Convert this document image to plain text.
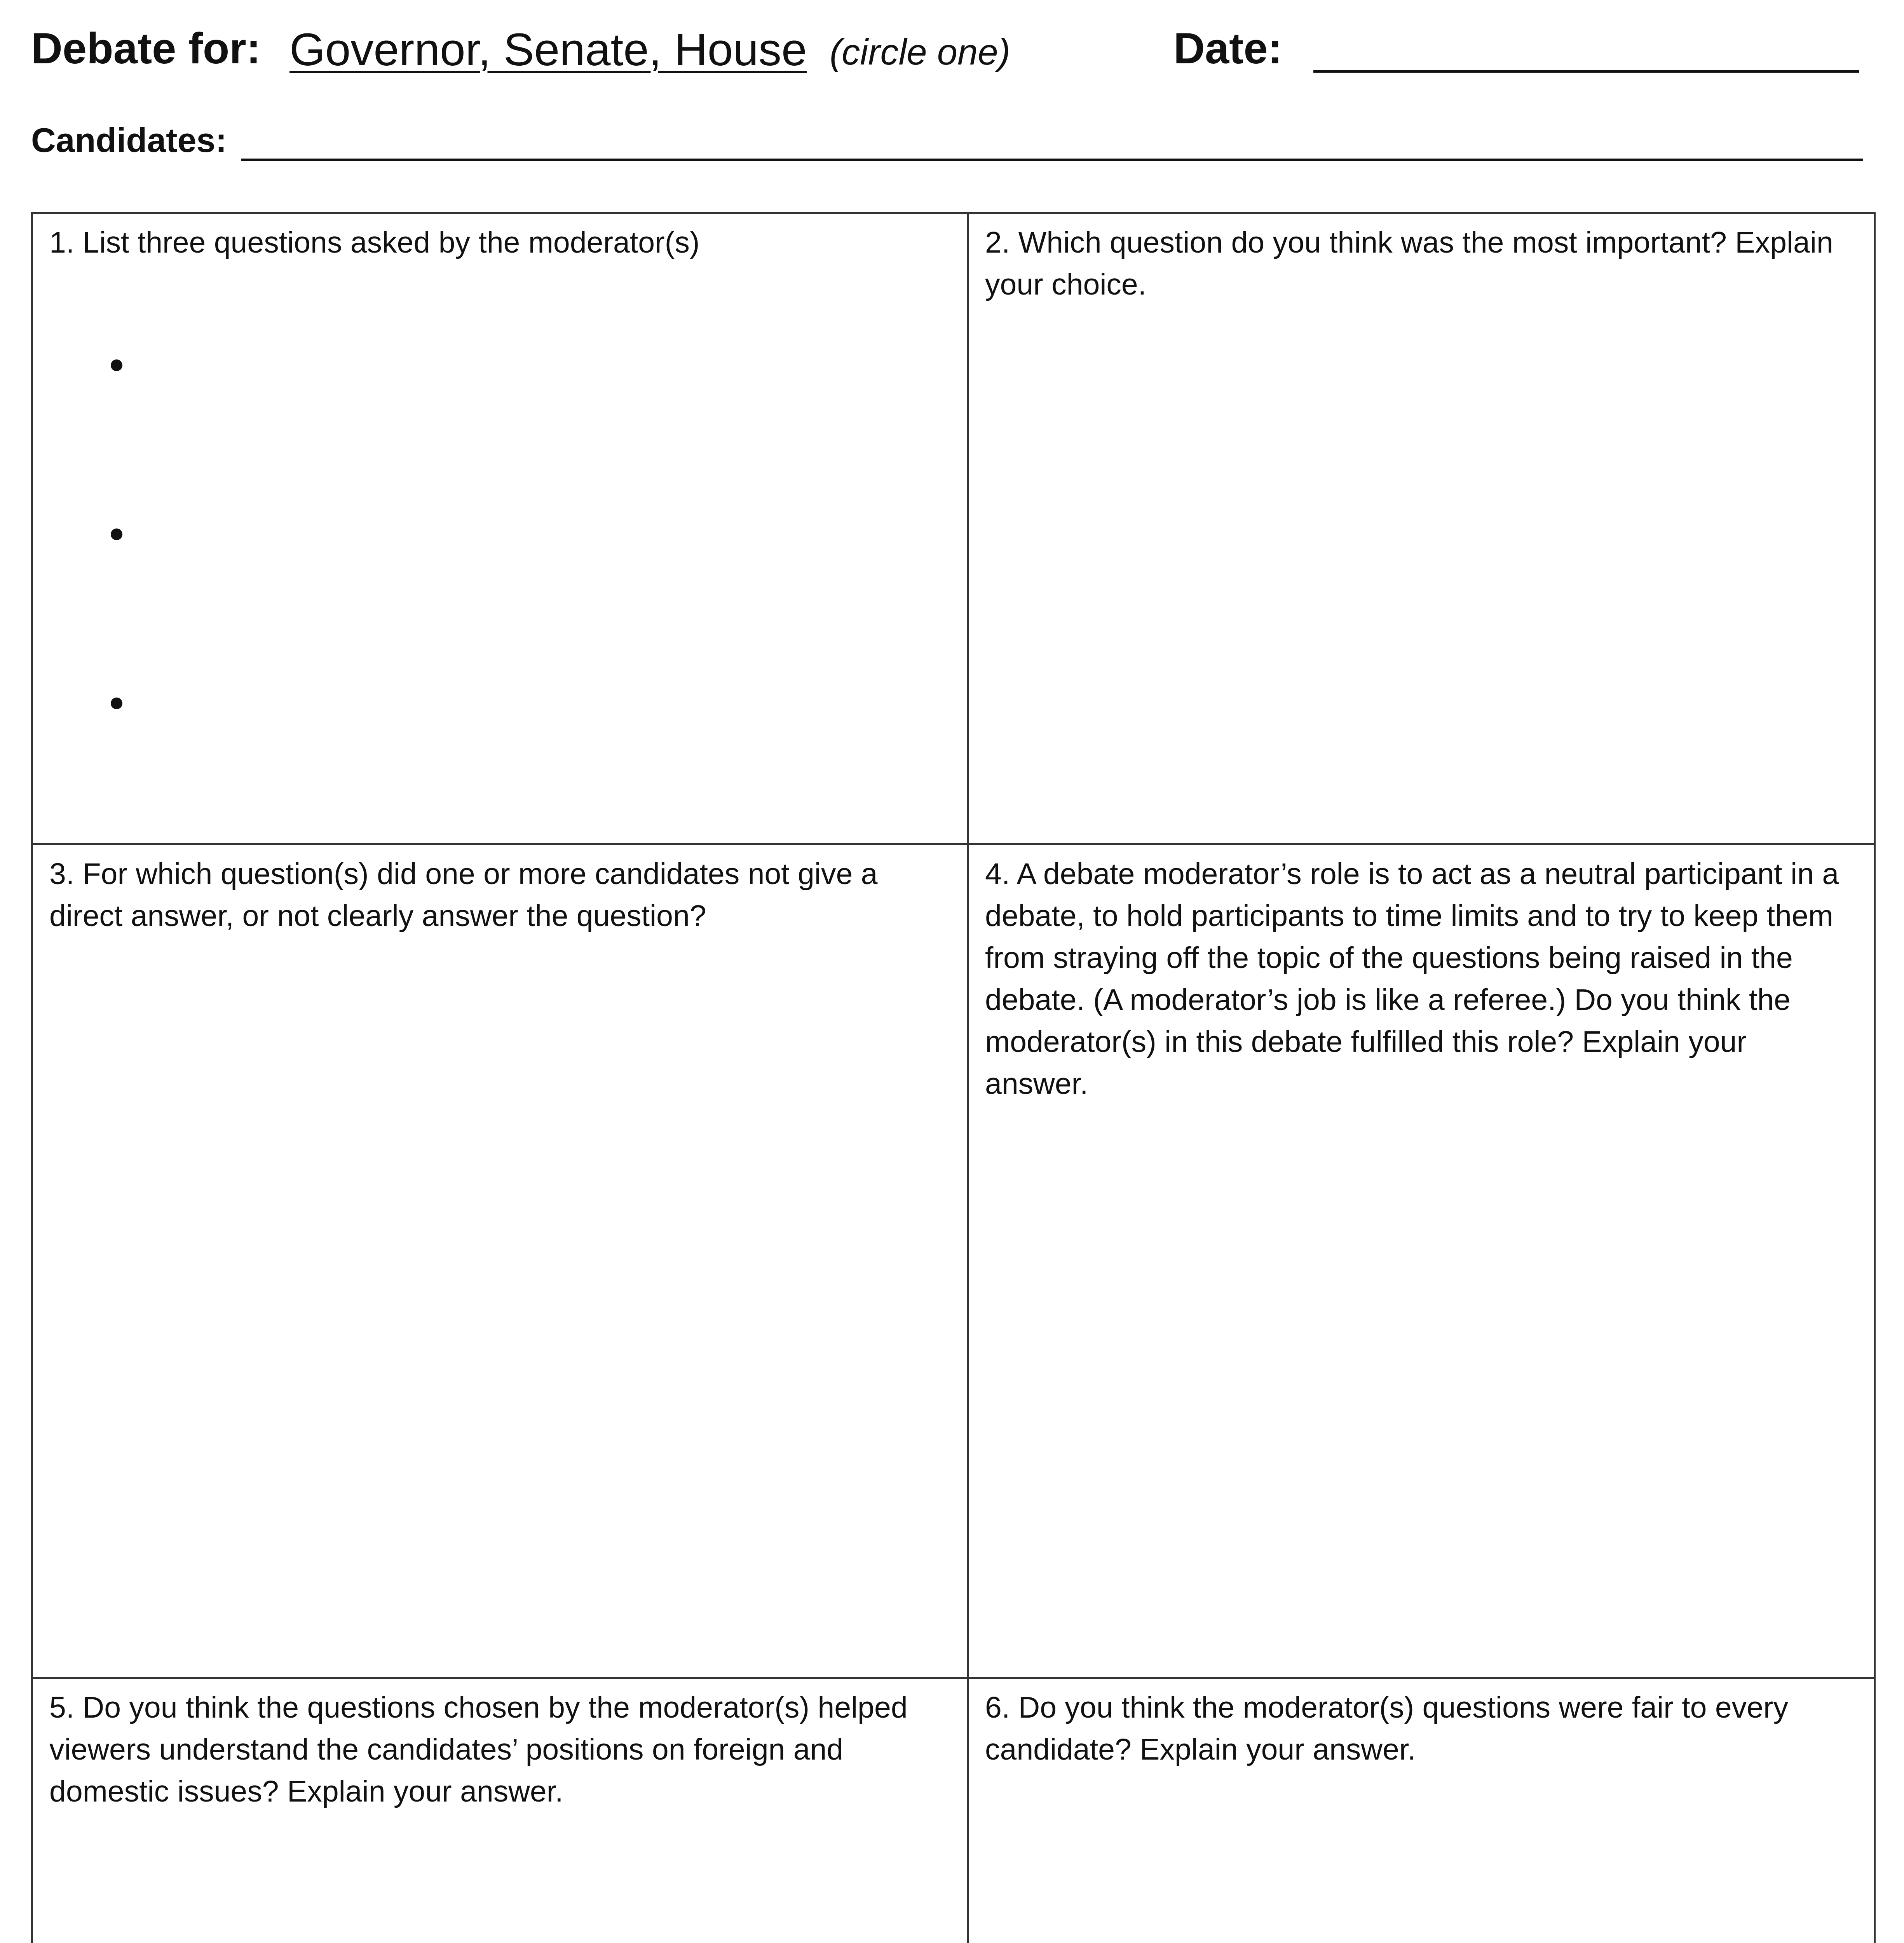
Debate for: Governor, Senate, House (circle one)	Date:
Candidates:

1. List three questions asked by the moderator(s)	2. Which question do you think was the most important? Explain your choice.

3. For which question(s) did one or more candidates not give a direct answer, or not clearly answer the question?

4. A debate moderator’s role is to act as a neutral participant in a debate, to hold participants to time limits and to try to keep them from straying off the topic of the questions being raised in the debate. (A moderator’s job is like a referee.) Do you think the moderator(s) in this debate fulfilled this role? Explain your answer.

5. Do you think the questions chosen by the moderator(s) helped viewers understand the candidates’ positions on foreign and domestic issues? Explain your answer.

6. Do you think the moderator(s) questions were fair to every candidate? Explain your answer.
